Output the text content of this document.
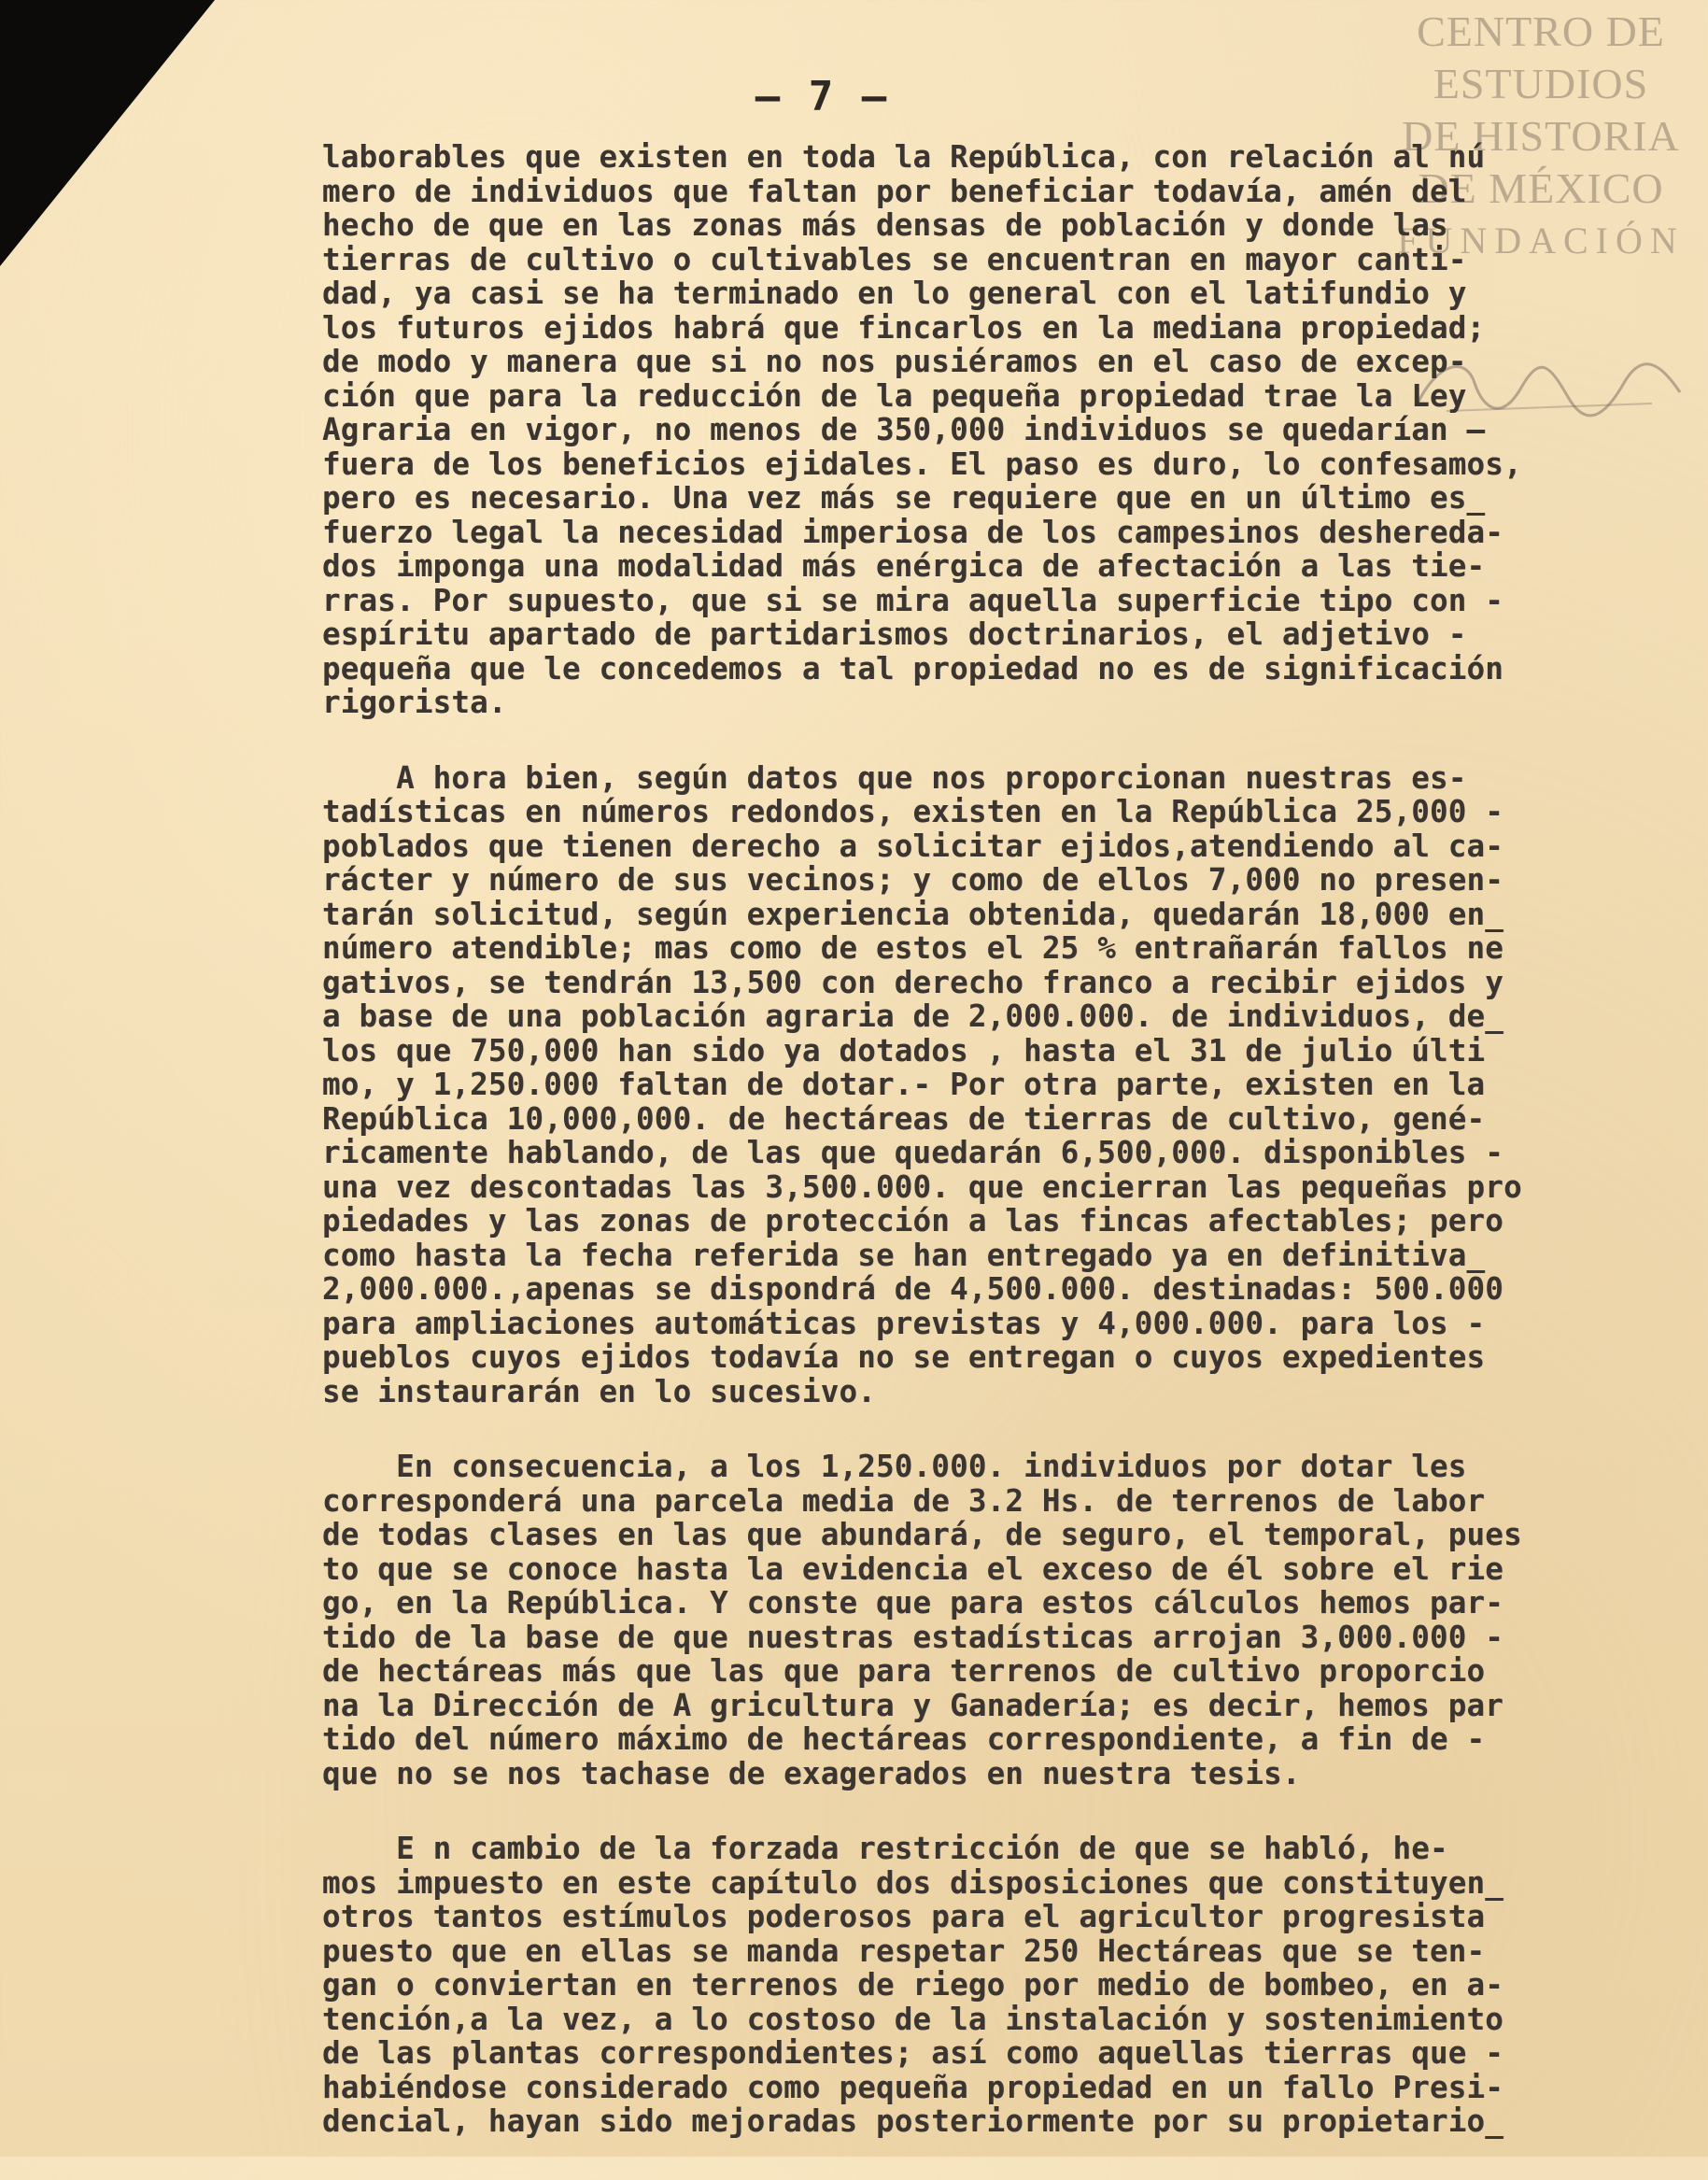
CENTRO DE
ESTUDIOS
DE HISTORIA
DE MÉXICO
FUNDACIÓN
— 7 —
laborables que existen en toda la República, con relación al nú
mero de individuos que faltan por beneficiar todavía, amén del
hecho de que en las zonas más densas de población y donde las
tierras de cultivo o cultivables se encuentran en mayor canti-
dad, ya casi se ha terminado en lo general con el latifundio y
los futuros ejidos habrá que fincarlos en la mediana propiedad;
de modo y manera que si no nos pusiéramos en el caso de excep-
ción que para la reducción de la pequeña propiedad trae la Ley
Agraria en vigor, no menos de 350,000 individuos se quedarían —
fuera de los beneficios ejidales. El paso es duro, lo confesamos,
pero es necesario. Una vez más se requiere que en un último es_
fuerzo legal la necesidad imperiosa de los campesinos deshereda-
dos imponga una modalidad más enérgica de afectación a las tie-
rras. Por supuesto, que si se mira aquella superficie tipo con -
espíritu apartado de partidarismos doctrinarios, el adjetivo -
pequeña que le concedemos a tal propiedad no es de significación
rigorista.
A hora bien, según datos que nos proporcionan nuestras es-
tadísticas en números redondos, existen en la República 25,000 -
poblados que tienen derecho a solicitar ejidos,atendiendo al ca-
rácter y número de sus vecinos; y como de ellos 7,000 no presen-
tarán solicitud, según experiencia obtenida, quedarán 18,000 en_
número atendible; mas como de estos el 25 % entrañarán fallos ne
gativos, se tendrán 13,500 con derecho franco a recibir ejidos y
a base de una población agraria de 2,000.000. de individuos, de_
los que 750,000 han sido ya dotados , hasta el 31 de julio últi
mo, y 1,250.000 faltan de dotar.- Por otra parte, existen en la
República 10,000,000. de hectáreas de tierras de cultivo, gené-
ricamente hablando, de las que quedarán 6,500,000. disponibles -
una vez descontadas las 3,500.000. que encierran las pequeñas pro
piedades y las zonas de protección a las fincas afectables; pero
como hasta la fecha referida se han entregado ya en definitiva_
2,000.000.,apenas se dispondrá de 4,500.000. destinadas: 500.000
para ampliaciones automáticas previstas y 4,000.000. para los -
pueblos cuyos ejidos todavía no se entregan o cuyos expedientes
se instaurarán en lo sucesivo.
En consecuencia, a los 1,250.000. individuos por dotar les
corresponderá una parcela media de 3.2 Hs. de terrenos de labor
de todas clases en las que abundará, de seguro, el temporal, pues
to que se conoce hasta la evidencia el exceso de él sobre el rie
go, en la República. Y conste que para estos cálculos hemos par-
tido de la base de que nuestras estadísticas arrojan 3,000.000 -
de hectáreas más que las que para terrenos de cultivo proporcio
na la Dirección de A gricultura y Ganadería; es decir, hemos par
tido del número máximo de hectáreas correspondiente, a fin de -
que no se nos tachase de exagerados en nuestra tesis.
E n cambio de la forzada restricción de que se habló, he-
mos impuesto en este capítulo dos disposiciones que constituyen_
otros tantos estímulos poderosos para el agricultor progresista
puesto que en ellas se manda respetar 250 Hectáreas que se ten-
gan o conviertan en terrenos de riego por medio de bombeo, en a-
tención,a la vez, a lo costoso de la instalación y sostenimiento
de las plantas correspondientes; así como aquellas tierras que -
habiéndose considerado como pequeña propiedad en un fallo Presi-
dencial, hayan sido mejoradas posteriormente por su propietario_
